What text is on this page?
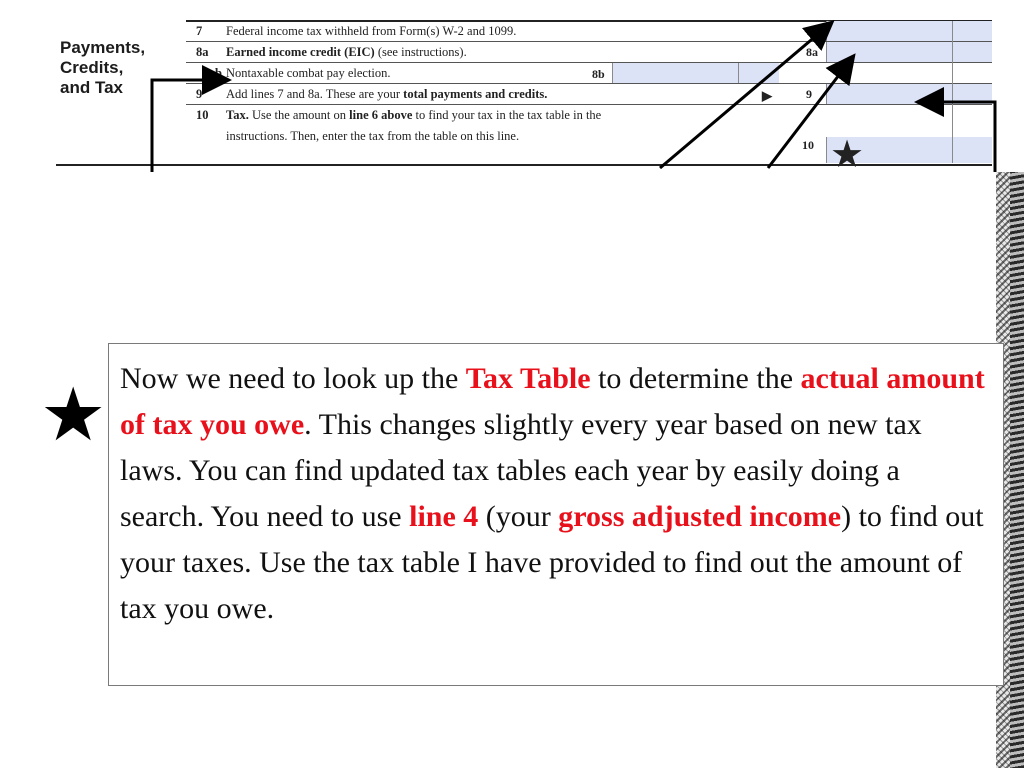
Payments,
Credits,
and Tax
7 Federal income tax withheld from Form(s) W-2 and 1099.
8a Earned income credit (EIC) (see instructions).
b Nontaxable combat pay election.
9 Add lines 7 and 8a. These are your total payments and credits.
10 Tax. Use the amount on line 6 above to find your tax in the tax table in the
instructions. Then, enter the tax from the table on this line.
▶
7
8a
8b
9
10 ★
★ Now we need to look up the Tax Table to determine the actual amount of tax you owe. This changes slightly every year based on new tax laws. You can find updated tax tables each year by easily doing a search. You need to use line 4 (your gross adjusted income) to find out your taxes. Use the tax table I have provided to find out the amount of tax you owe.
